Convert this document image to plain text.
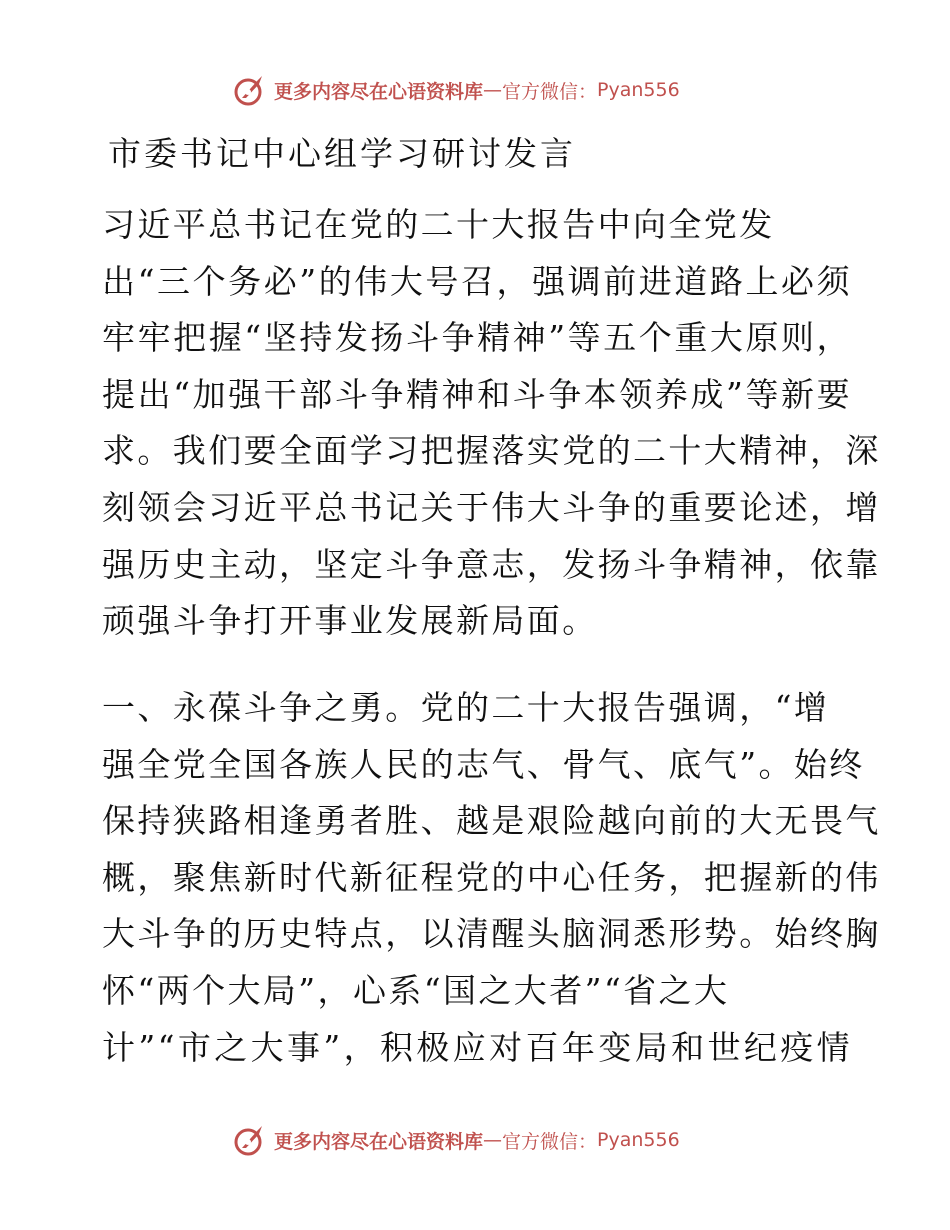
更多内容尽在心语资料库 — 官方微信： Pyan556
市委书记中心组学习研讨发言
习近平总书记在党的二十大报告中向全党发
出“三个务必”的伟大号召，强调前进道路上必须
牢牢把握“坚持发扬斗争精神”等五个重大原则，
提出“加强干部斗争精神和斗争本领养成”等新要
求。我们要全面学习把握落实党的二十大精神，深
刻领会习近平总书记关于伟大斗争的重要论述，增
强历史主动，坚定斗争意志，发扬斗争精神，依靠
顽强斗争打开事业发展新局面。
一、永葆斗争之勇。党的二十大报告强调，“增
强全党全国各族人民的志气、骨气、底气”。始终
保持狭路相逢勇者胜、越是艰险越向前的大无畏气
概，聚焦新时代新征程党的中心任务，把握新的伟
大斗争的历史特点，以清醒头脑洞悉形势。始终胸
怀“两个大局”，心系“国之大者”“省之大
计”“市之大事”，积极应对百年变局和世纪疫情
更多内容尽在心语资料库 — 官方微信： Pyan556
